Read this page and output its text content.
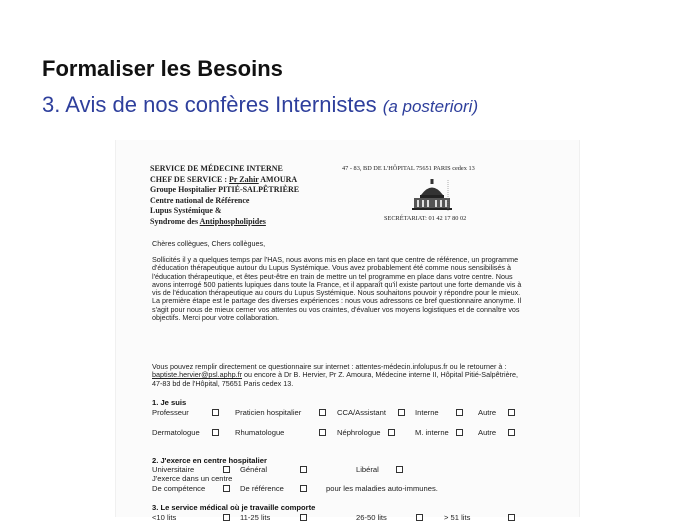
Formaliser les Besoins
3. Avis de nos confères Internistes (a posteriori)
SERVICE DE MÉDECINE INTERNE
CHEF DE SERVICE : Pr Zahir AMOURA
Groupe Hospitalier PITIÉ-SALPÊTRIÈRE
Centre national de Référence
Lupus Systémique &
Syndrome des Antiphospholipides
47 - 83, BD DE L'HÔPITAL 75651 PARIS cedex 13
SECRÉTARIAT: 01 42 17 80 02
Chères collègues, Chers collègues,
Sollicités il y a quelques temps par l'HAS, nous avons mis en place en tant que centre de référence, un programme d'éducation thérapeutique autour du Lupus Systémique. Vous avez probablement été comme nous sensibilisés à l'éducation thérapeutique, et êtes peut-être en train de mettre un tel programme en place dans votre centre. Nous avons interrogé 500 patients lupiques dans toute la France, et il apparaît qu'il existe partout une forte demande vis à vis de l'éducation thérapeutique au cours du Lupus Systémique. Nous souhaitons pouvoir y répondre pour le mieux. La première étape est le partage des diverses expériences : nous vous adressons ce bref questionnaire anonyme. Il s'agit pour nous de mieux cerner vos attentes ou vos craintes, d'évaluer vos moyens logistiques et de connaître vos objectifs. Merci pour votre collaboration.
Vous pouvez remplir directement ce questionnaire sur internet : attentes-médecin.infolupus.fr ou le retourner à : baptiste.hervier@psl.aphp.fr ou encore à Dr B. Hervier, Pr Z. Amoura, Médecine interne II, Hôpital Pitié-Salpêtrière, 47-83 bd de l'Hôpital, 75651 Paris cedex 13.
1. Je suis
Professeur	Praticien hospitalier	CCA/Assistant	Interne	Autre
Dermatologue	Rhumatologue	Néphrologue	M. interne	Autre
2. J'exerce en centre hospitalier
Universitaire	Général	Libéral
J'exerce dans un centre
De compétence	De référence	pour les maladies auto-immunes.
3. Le service médical où je travaille comporte
<10 lits	11-25 lits	26-50 lits	> 51 lits
